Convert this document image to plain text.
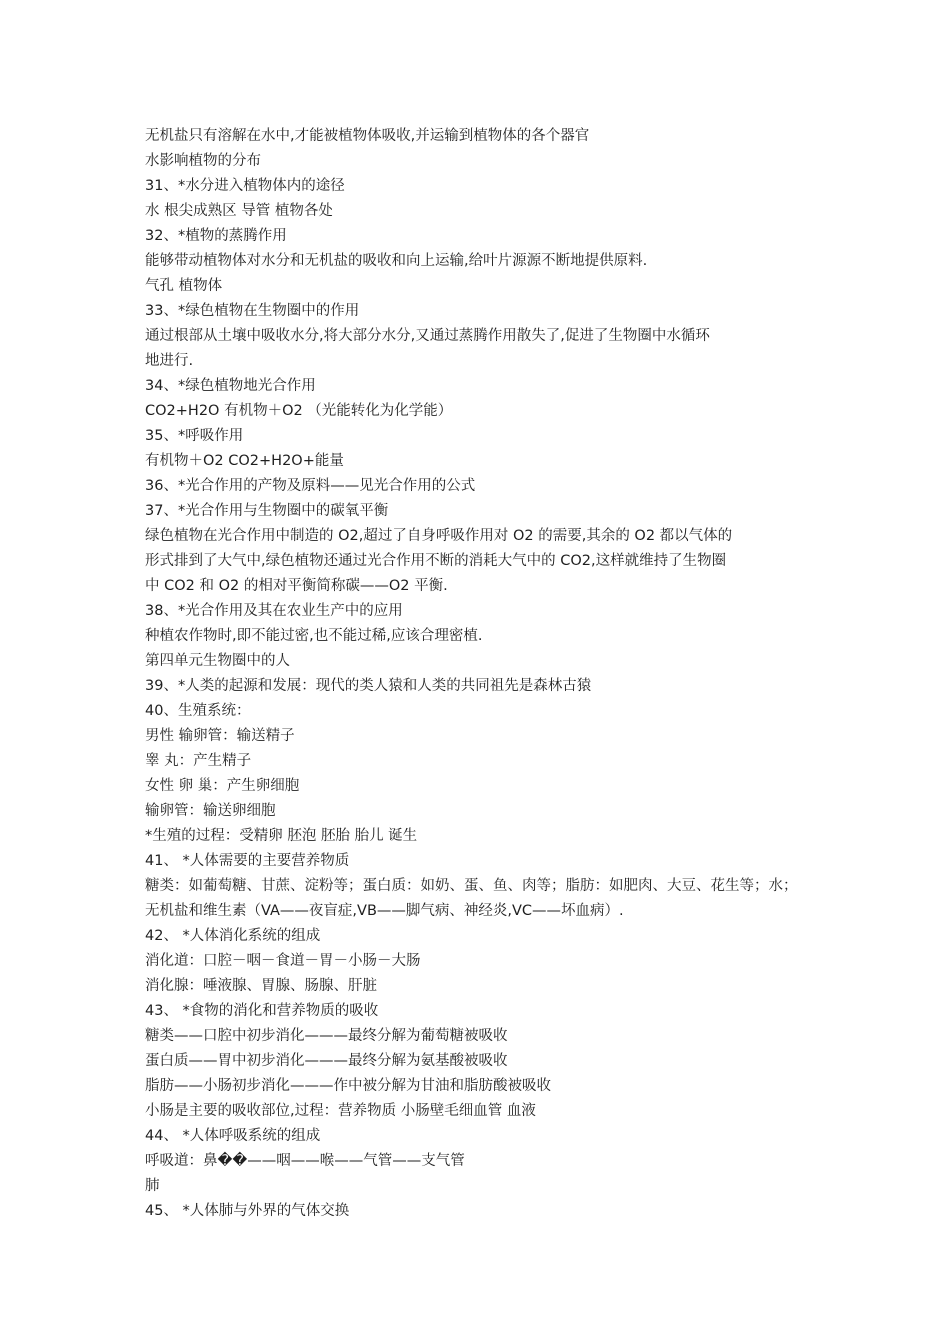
无机盐只有溶解在水中,才能被植物体吸收,并运输到植物体的各个器官
水影响植物的分布
31、*水分进入植物体内的途径
水 根尖成熟区 导管 植物各处
32、*植物的蒸腾作用
能够带动植物体对水分和无机盐的吸收和向上运输,给叶片源源不断地提供原料.
气孔 植物体
33、*绿色植物在生物圈中的作用
通过根部从土壤中吸收水分,将大部分水分,又通过蒸腾作用散失了,促进了生物圈中水循环
地进行.
34、*绿色植物地光合作用
CO2+H2O 有机物＋O2 （光能转化为化学能）
35、*呼吸作用
有机物＋O2 CO2+H2O+能量
36、*光合作用的产物及原料——见光合作用的公式
37、*光合作用与生物圈中的碳氧平衡
绿色植物在光合作用中制造的 O2,超过了自身呼吸作用对 O2 的需要,其余的 O2 都以气体的
形式排到了大气中,绿色植物还通过光合作用不断的消耗大气中的 CO2,这样就维持了生物圈
中 CO2 和 O2 的相对平衡简称碳——O2 平衡.
38、*光合作用及其在农业生产中的应用
种植农作物时,即不能过密,也不能过稀,应该合理密植.
第四单元生物圈中的人
39、*人类的起源和发展：现代的类人猿和人类的共同祖先是森林古猿
40、生殖系统：
男性 输卵管：输送精子
睾 丸：产生精子
女性 卵 巢：产生卵细胞
输卵管：输送卵细胞
*生殖的过程：受精卵 胚泡 胚胎 胎儿 诞生
41、 *人体需要的主要营养物质
糖类：如葡萄糖、甘蔗、淀粉等；蛋白质：如奶、蛋、鱼、肉等；脂肪：如肥肉、大豆、花生等；水；
无机盐和维生素（VA——夜盲症,VB——脚气病、神经炎,VC——坏血病）.
42、 *人体消化系统的组成
消化道：口腔－咽－食道－胃－小肠－大肠
消化腺：唾液腺、胃腺、肠腺、肝脏
43、 *食物的消化和营养物质的吸收
糖类——口腔中初步消化———最终分解为葡萄糖被吸收
蛋白质——胃中初步消化———最终分解为氨基酸被吸收
脂肪——小肠初步消化———作中被分解为甘油和脂肪酸被吸收
小肠是主要的吸收部位,过程：营养物质 小肠壁毛细血管 血液
44、 *人体呼吸系统的组成
呼吸道：鼻��——咽——喉——气管——支气管
肺
45、 *人体肺与外界的气体交换
